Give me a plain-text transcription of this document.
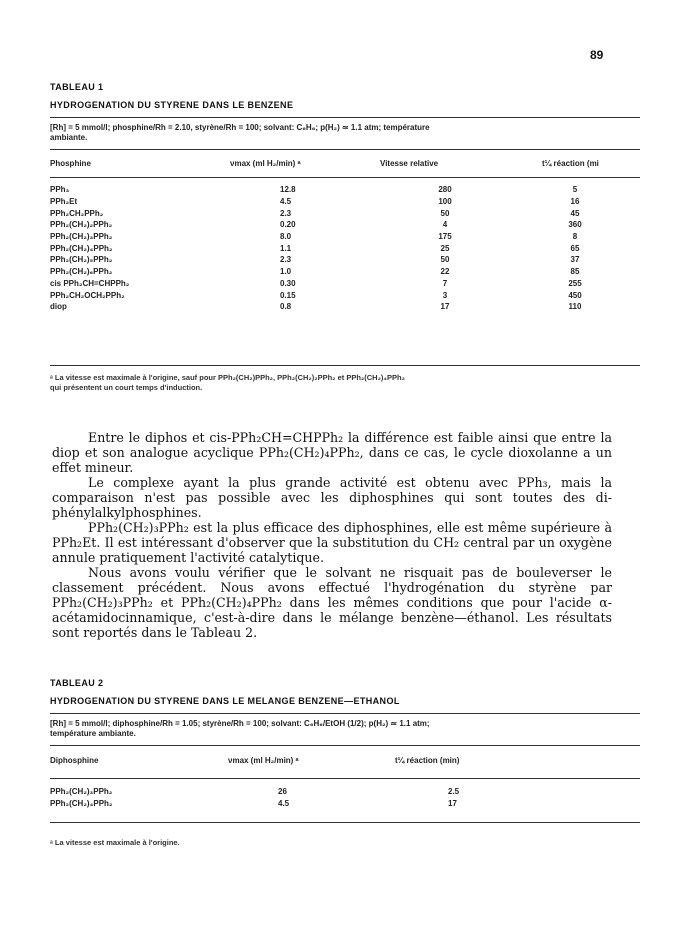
89
TABLEAU 1
HYDROGENATION DU STYRENE DANS LE BENZENE
[Rh] = 5 mmol/l; phosphine/Rh = 2.10, styrène/Rh = 100; solvant: C₆H₆; p(H₂) ≃ 1.1 atm; température
ambiante.
Phosphine	νmax (ml H₂/min) ᵃ	Vitesse relative	t¼ réaction (mi
PPh₃	12.8	280	5
PPh₂Et	4.5	100	16
PPh₂CH₂PPh₂	2.3	50	45
PPh₂(CH₂)₂PPh₂	0.20	4	360
PPh₂(CH₂)₃PPh₂	8.0	175	8
PPh₂(CH₂)₄PPh₂	1.1	25	65
PPh₂(CH₂)₅PPh₂	2.3	50	37
PPh₂(CH₂)₆PPh₂	1.0	22	85
cis PPh₂CH=CHPPh₂	0.30	7	255
PPh₂CH₂OCH₂PPh₂	0.15	3	450
diop	0.8	17	110
ᵃ La vitesse est maximale à l'origine, sauf pour PPh₂(CH₂)PPh₂, PPh₂(CH₂)₂PPh₂ et PPh₂(CH₂)₄PPh₂
qui présentent un court temps d'induction.

Entre le diphos et cis-PPh₂CH=CHPPh₂ la différence est faible ainsi que entre la diop et son analogue acyclique PPh₂(CH₂)₄PPh₂, dans ce cas, le cycle dioxolanne a un effet mineur.

Le complexe ayant la plus grande activité est obtenu avec PPh₃, mais la comparaison n'est pas possible avec les diphosphines qui sont toutes des di-phénylalkylphosphines.

PPh₂(CH₂)₃PPh₂ est la plus efficace des diphosphines, elle est même supérieure à PPh₂Et. Il est intéressant d'observer que la substitution du CH₂ central par un oxygène annule pratiquement l'activité catalytique.

Nous avons voulu vérifier que le solvant ne risquait pas de bouleverser le classement précédent. Nous avons effectué l'hydrogénation du styrène par PPh₂(CH₂)₃PPh₂ et PPh₂(CH₂)₄PPh₂ dans les mêmes conditions que pour l'acide α-acétamidocinnamique, c'est-à-dire dans le mélange benzène—éthanol. Les résultats sont reportés dans le Tableau 2.

TABLEAU 2
HYDROGENATION DU STYRENE DANS LE MELANGE BENZENE—ETHANOL
[Rh] = 5 mmol/l; diphosphine/Rh = 1.05; styrène/Rh = 100; solvant: C₆H₆/EtOH (1/2); p(H₂) ≃ 1.1 atm;
température ambiante.
Diphosphine	νmax (ml H₂/min) ᵃ	t¼ réaction (min)
PPh₂(CH₂)₃PPh₂	26	2.5
PPh₂(CH₂)₄PPh₂	4.5	17
ᵃ La vitesse est maximale à l'origine.
